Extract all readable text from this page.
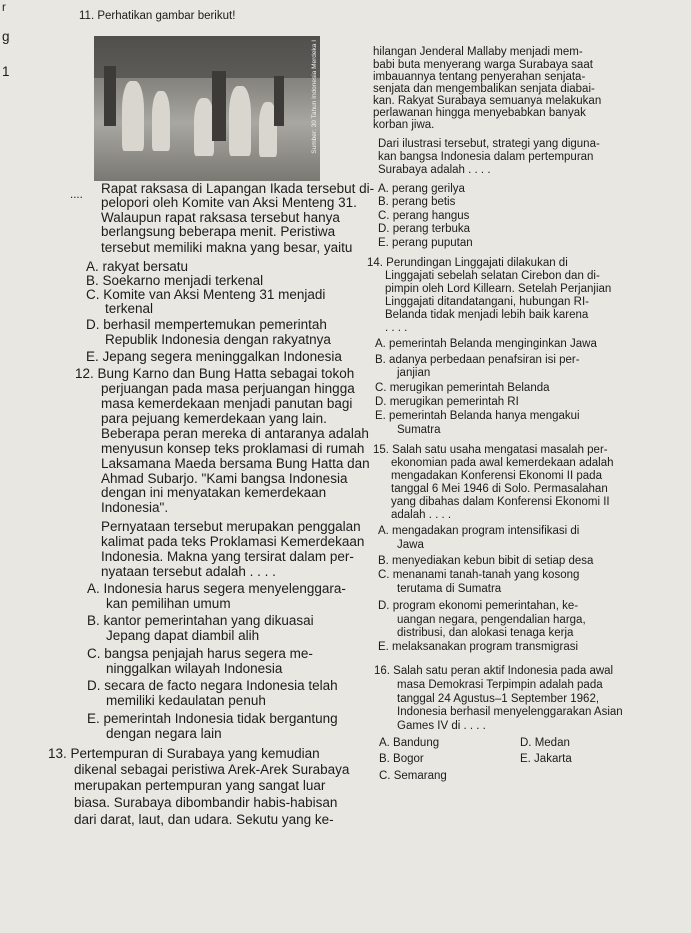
r
g
1
....
11. Perhatikan gambar berikut!
Sumber: 30 Tahun Indonesia Merdeka I
Rapat raksasa di Lapangan Ikada tersebut di-
pelopori oleh Komite van Aksi Menteng 31.
Walaupun rapat raksasa tersebut hanya
berlangsung beberapa menit. Peristiwa
tersebut memiliki makna yang besar, yaitu
A. rakyat bersatu
B. Soekarno menjadi terkenal
C. Komite van Aksi Menteng 31 menjadi
terkenal
D. berhasil mempertemukan pemerintah
Republik Indonesia dengan rakyatnya
E. Jepang segera meninggalkan Indonesia
12. Bung Karno dan Bung Hatta sebagai tokoh
perjuangan pada masa perjuangan hingga
masa kemerdekaan menjadi panutan bagi
para pejuang kemerdekaan yang lain.
Beberapa peran mereka di antaranya adalah
menyusun konsep teks proklamasi di rumah
Laksamana Maeda bersama Bung Hatta dan
Ahmad Subarjo. "Kami bangsa Indonesia
dengan ini menyatakan kemerdekaan
Indonesia".
Pernyataan tersebut merupakan penggalan
kalimat pada teks Proklamasi Kemerdekaan
Indonesia. Makna yang tersirat dalam per-
nyataan tersebut adalah . . . .
A. Indonesia harus segera menyelenggara-
kan pemilihan umum
B. kantor pemerintahan yang dikuasai
Jepang dapat diambil alih
C. bangsa penjajah harus segera me-
ninggalkan wilayah Indonesia
D. secara de facto negara Indonesia telah
memiliki kedaulatan penuh
E. pemerintah Indonesia tidak bergantung
dengan negara lain
13. Pertempuran di Surabaya yang kemudian
dikenal sebagai peristiwa Arek-Arek Surabaya
merupakan pertempuran yang sangat luar
biasa. Surabaya dibombandir habis-habisan
dari darat, laut, dan udara. Sekutu yang ke-
hilangan Jenderal Mallaby menjadi mem-
babi buta menyerang warga Surabaya saat
imbauannya tentang penyerahan senjata-
senjata dan mengembalikan senjata diabai-
kan. Rakyat Surabaya semuanya melakukan
perlawanan hingga menyebabkan banyak
korban jiwa.
Dari ilustrasi tersebut, strategi yang diguna-
kan bangsa Indonesia dalam pertempuran
Surabaya adalah . . . .
A. perang gerilya
B. perang betis
C. perang hangus
D. perang terbuka
E. perang puputan
14. Perundingan Linggajati dilakukan di
Linggajati sebelah selatan Cirebon dan di-
pimpin oleh Lord Killearn. Setelah Perjanjian
Linggajati ditandatangani, hubungan RI-
Belanda tidak menjadi lebih baik karena
. . . .
A. pemerintah Belanda menginginkan Jawa
B. adanya perbedaan penafsiran isi per-
janjian
C. merugikan pemerintah Belanda
D. merugikan pemerintah RI
E. pemerintah Belanda hanya mengakui
Sumatra
15. Salah satu usaha mengatasi masalah per-
ekonomian pada awal kemerdekaan adalah
mengadakan Konferensi Ekonomi II pada
tanggal 6 Mei 1946 di Solo. Permasalahan
yang dibahas dalam Konferensi Ekonomi II
adalah . . . .
A. mengadakan program intensifikasi di
Jawa
B. menyediakan kebun bibit di setiap desa
C. menanami tanah-tanah yang kosong
terutama di Sumatra
D. program ekonomi pemerintahan, ke-
uangan negara, pengendalian harga,
distribusi, dan alokasi tenaga kerja
E. melaksanakan program transmigrasi
16. Salah satu peran aktif Indonesia pada awal
masa Demokrasi Terpimpin adalah pada
tanggal 24 Agustus–1 September 1962,
Indonesia berhasil menyelenggarakan Asian
Games IV di . . . .
A. Bandung
B. Bogor
C. Semarang
D. Medan
E. Jakarta
